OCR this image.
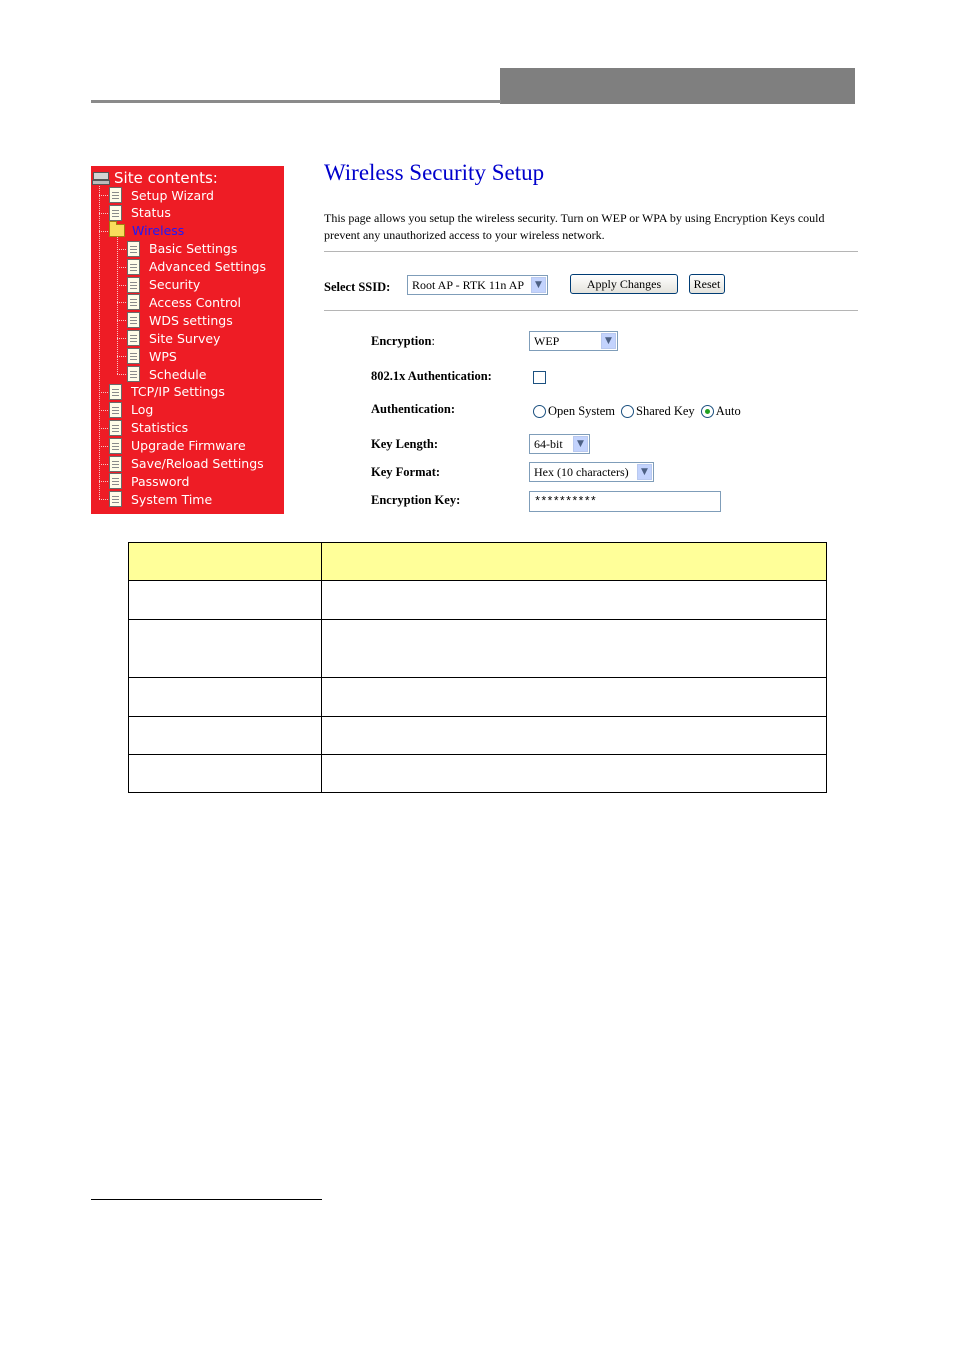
Site contents:
Setup Wizard
Status
Wireless
Basic Settings
Advanced Settings
Security
Access Control
WDS settings
Site Survey
WPS
Schedule
TCP/IP Settings
Log
Statistics
Upgrade Firmware
Save/Reload Settings
Password
System Time
Wireless Security Setup
This page allows you setup the wireless security. Turn on WEP or WPA by using Encryption Keys could prevent any unauthorized access to your wireless network.
Select SSID: Root AP - RTK 11n AP	▼	Apply Changes	Reset
Encryption:	WEP	▼
802.1x Authentication:
Authentication:	Open System Shared Key Auto
Key Length:	64-bit	▼
Key Format:	Hex (10 characters)	▼
Encryption Key:	**********
